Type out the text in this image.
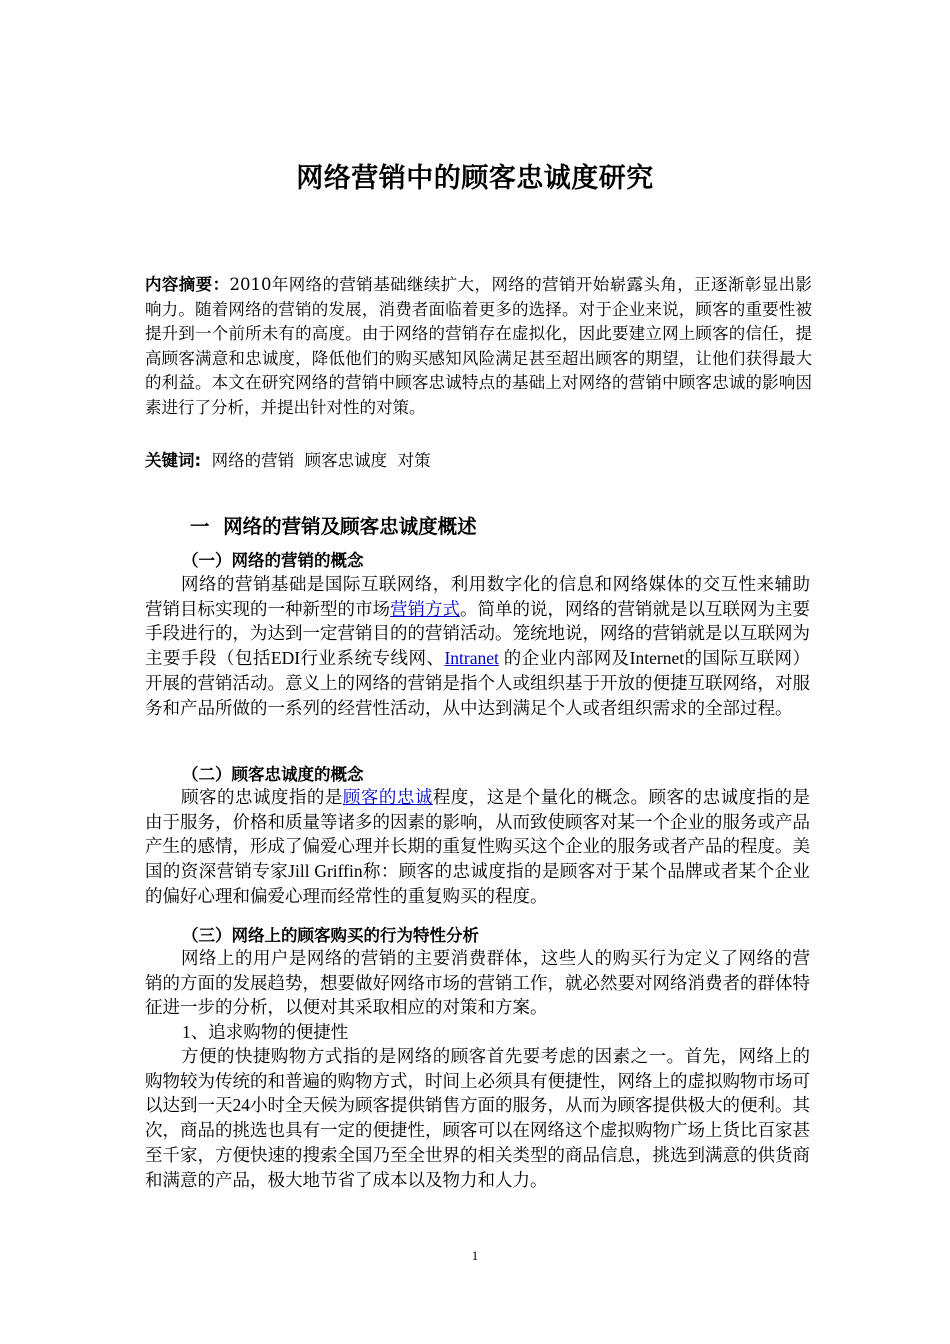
网络营销中的顾客忠诚度研究
内容摘要：2010年网络的营销基础继续扩大，网络的营销开始崭露头角，正逐渐彰显出影响力。随着网络的营销的发展，消费者面临着更多的选择。对于企业来说，顾客的重要性被提升到一个前所未有的高度。由于网络的营销存在虚拟化，因此要建立网上顾客的信任，提高顾客满意和忠诚度，降低他们的购买感知风险满足甚至超出顾客的期望，让他们获得最大的利益。本文在研究网络的营销中顾客忠诚特点的基础上对网络的营销中顾客忠诚的影响因素进行了分析，并提出针对性的对策。
关键词:  网络的营销  顾客忠诚度  对策
一  网络的营销及顾客忠诚度概述
（一）网络的营销的概念
网络的营销基础是国际互联网络，利用数字化的信息和网络媒体的交互性来辅助营销目标实现的一种新型的市场营销方式。简单的说，网络的营销就是以互联网为主要手段进行的，为达到一定营销目的的营销活动。笼统地说，网络的营销就是以互联网为主要手段（包括EDI行业系统专线网、Intranet 的企业内部网及Internet的国际互联网）开展的营销活动。意义上的网络的营销是指个人或组织基于开放的便捷互联网络，对服务和产品所做的一系列的经营性活动，从中达到满足个人或者组织需求的全部过程。
（二）顾客忠诚度的概念
顾客的忠诚度指的是顾客的忠诚程度，这是个量化的概念。顾客的忠诚度指的是由于服务，价格和质量等诸多的因素的影响，从而致使顾客对某一个企业的服务或产品产生的感情，形成了偏爱心理并长期的重复性购买这个企业的服务或者产品的程度。美国的资深营销专家Jill Griffin称：顾客的忠诚度指的是顾客对于某个品牌或者某个企业的偏好心理和偏爱心理而经常性的重复购买的程度。
（三）网络上的顾客购买的行为特性分析
网络上的用户是网络的营销的主要消费群体，这些人的购买行为定义了网络的营销的方面的发展趋势，想要做好网络市场的营销工作，就必然要对网络消费者的群体特征进一步的分析，以便对其采取相应的对策和方案。
1、追求购物的便捷性
方便的快捷购物方式指的是网络的顾客首先要考虑的因素之一。首先，网络上的购物较为传统的和普遍的购物方式，时间上必须具有便捷性，网络上的虚拟购物市场可以达到一天24小时全天候为顾客提供销售方面的服务，从而为顾客提供极大的便利。其次，商品的挑选也具有一定的便捷性，顾客可以在网络这个虚拟购物广场上货比百家甚至千家，方便快速的搜索全国乃至全世界的相关类型的商品信息，挑选到满意的供货商和满意的产品，极大地节省了成本以及物力和人力。
1
